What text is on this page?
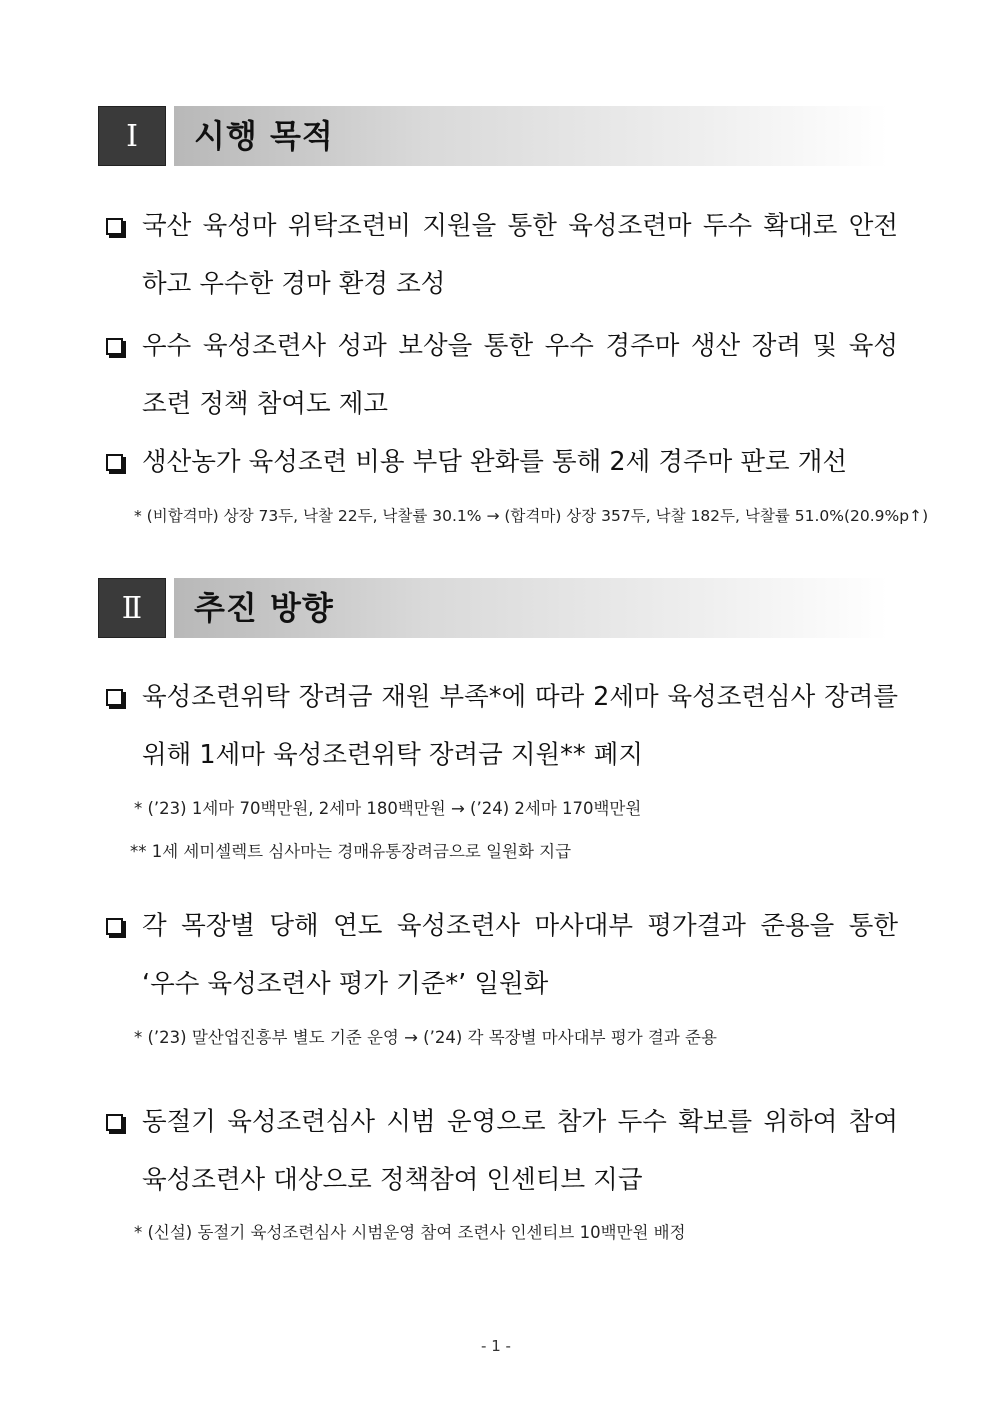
Ⅰ	시행 목적
국산 육성마 위탁조련비 지원을 통한 육성조련마 두수 확대로 안전
하고 우수한 경마 환경 조성
우수 육성조련사 성과 보상을 통한 우수 경주마 생산 장려 및 육성
조련 정책 참여도 제고
생산농가 육성조련 비용 부담 완화를 통해 2세 경주마 판로 개선
* (비합격마) 상장 73두, 낙찰 22두, 낙찰률 30.1% → (합격마) 상장 357두, 낙찰 182두, 낙찰률 51.0%(20.9%p↑)
Ⅱ	추진 방향
육성조련위탁 장려금 재원 부족*에 따라 2세마 육성조련심사 장려를
위해 1세마 육성조련위탁 장려금 지원** 폐지
* (’23) 1세마 70백만원, 2세마 180백만원 → (’24) 2세마 170백만원
** 1세 세미셀렉트 심사마는 경매유통장려금으로 일원화 지급
각 목장별 당해 연도 육성조련사 마사대부 평가결과 준용을 통한
‘우수 육성조련사 평가 기준*’ 일원화
* (’23) 말산업진흥부 별도 기준 운영 → (’24) 각 목장별 마사대부 평가 결과 준용
동절기 육성조련심사 시범 운영으로 참가 두수 확보를 위하여 참여
육성조련사 대상으로 정책참여 인센티브 지급
* (신설) 동절기 육성조련심사 시범운영 참여 조련사 인센티브 10백만원 배정
- 1 -
